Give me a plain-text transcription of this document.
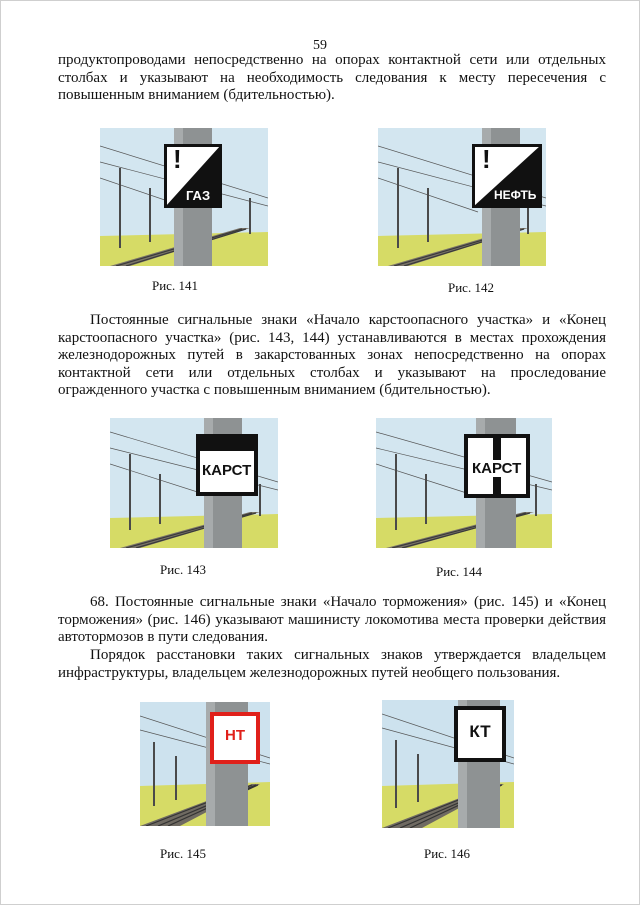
59

продуктопроводами непосредственно на опорах контактной сети или отдельных столбах и указывают на необходимость следования к месту пересечения с повышенным вниманием (бдительностью).

!
ГАЗ
Рис. 141
!
НЕФТЬ
Рис. 142

Постоянные сигнальные знаки «Начало карстоопасного участка» и «Конец карстоопасного участка» (рис. 143, 144) устанавливаются в местах прохождения железнодорожных путей в закарстованных зонах непосредственно на опорах контактной сети или отдельных столбах и указывают на проследование огражденного участка с повышенным вниманием (бдительностью).

КАРСТ
Рис. 143
КАРСТ
Рис. 144

68. Постоянные сигнальные знаки «Начало торможения» (рис. 145) и «Конец торможения» (рис. 146) указывают машинисту локомотива места проверки действия автотормозов в пути следования.

Порядок расстановки таких сигнальных знаков утверждается владельцем инфраструктуры, владельцем железнодорожных путей необщего пользования.

НТ
Рис. 145
КТ
Рис. 146
